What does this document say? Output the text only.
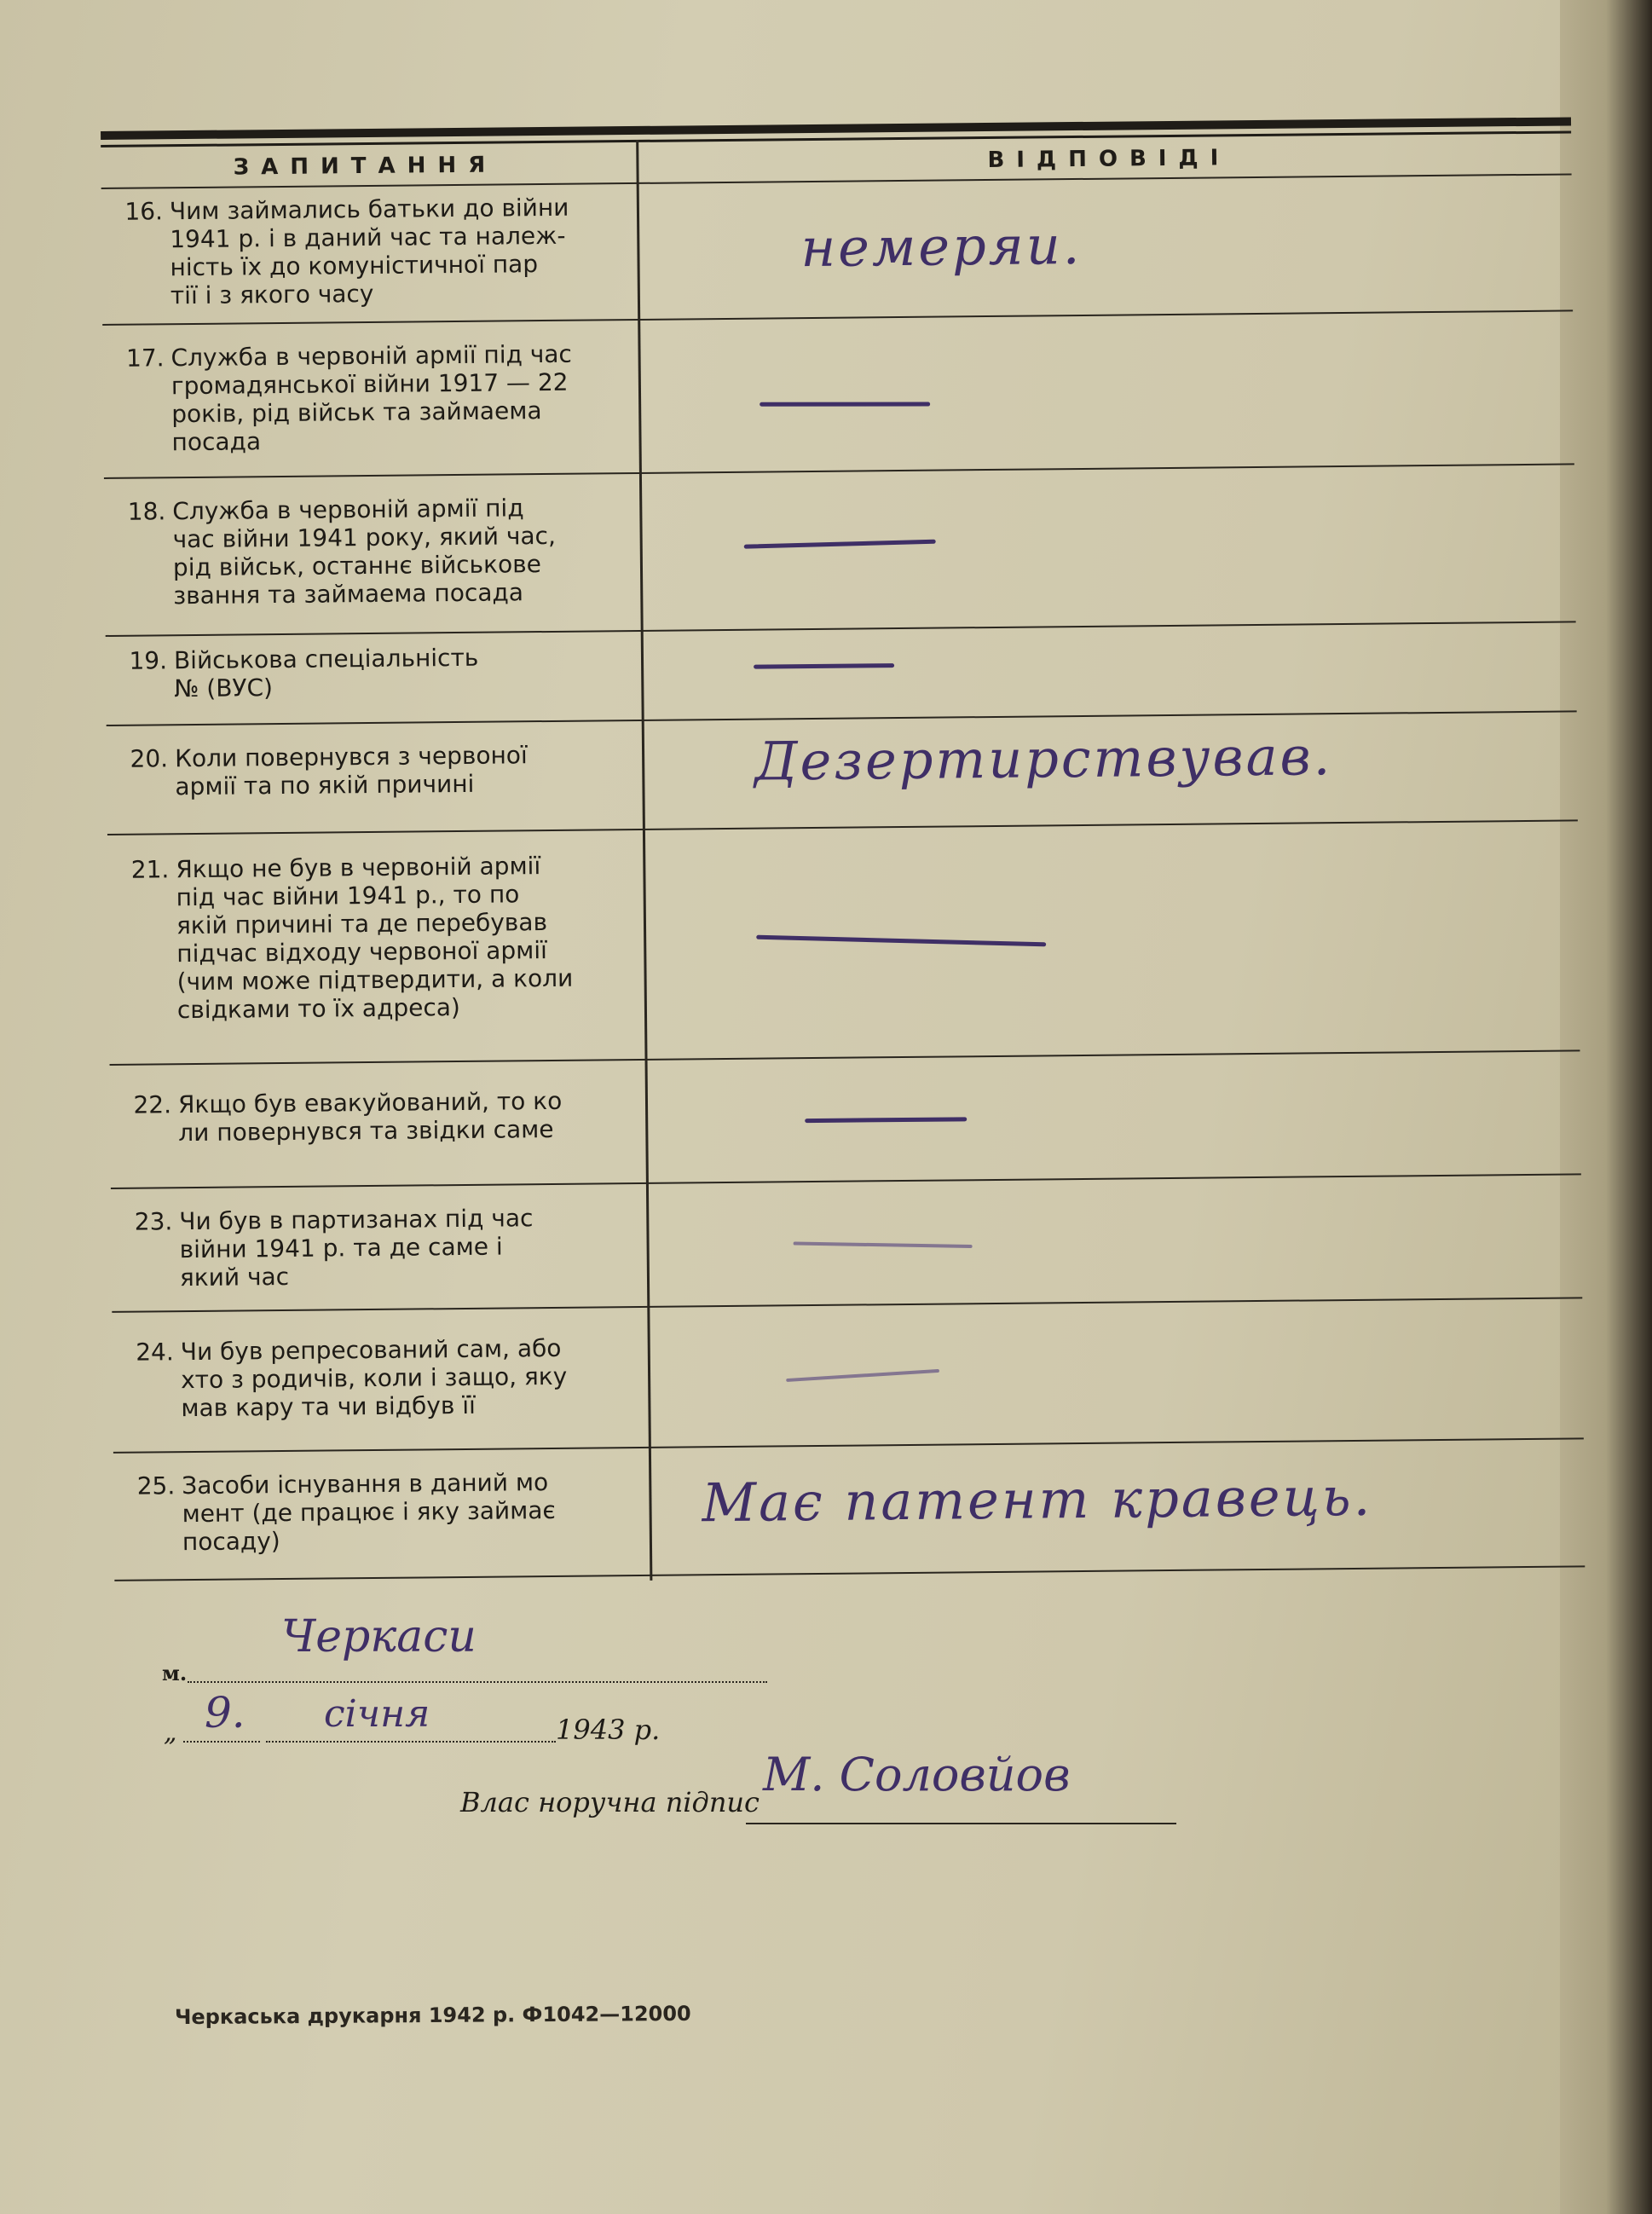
ЗАПИТАННЯ	ВІДПОВІДІ
16. Чим займались батьки до війни
1941 р. і в даний час та належ-
ність їх до комуністичної пар
тії і з якого часу
немеряи.
17. Служба в червоній армії під час
громадянської війни 1917 — 22
років, рід військ та займаема
посада
18. Служба в червоній армії під
час війни 1941 року, який час,
рід військ, останнє військове
звання та займаема посада
19. Військова спеціальність
№ (ВУС)
20. Коли повернувся з червоної
армії та по якій причині	Дезертирствував.
21. Якщо не був в червоній армії
під час війни 1941 р., то по
якій причині та де перебував
підчас відходу червоної армії
(чим може підтвердити, а коли
свідками то їх адреса)
22. Якщо був евакуйований, то ко
ли повернувся та звідки саме
23. Чи був в партизанах під час
війни 1941 р. та де саме і
який час
24. Чи був репресований сам, або
хто з родичів, коли і защо, яку
мав кару та чи відбув її
25. Засоби існування в даний мо
мент (де працює і яку займає
посаду)
Має патент кравець.
м.
Черкаси
„ 9. січня	1943 р.
Влас норучна підпис
М. Соловйов
Черкаська друкарня 1942 р. Ф1042—12000
